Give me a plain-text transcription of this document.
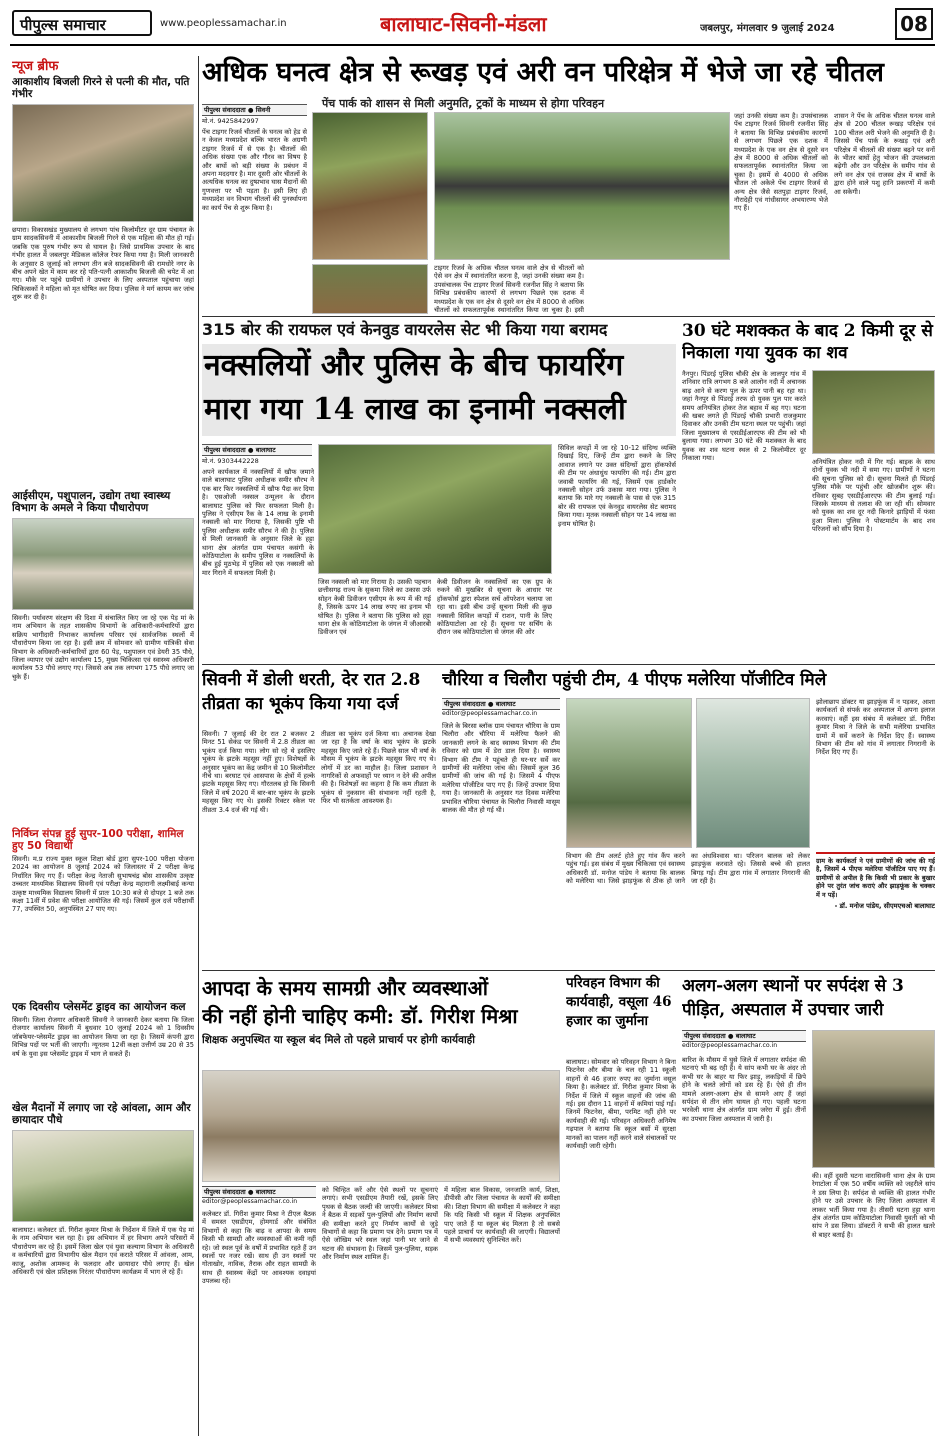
पीपुल्स समाचार	www.peoplessamachar.in	बालाघाट-सिवनी-मंडला	जबलपुर, मंगलवार 9 जुलाई 2024	08
न्यूज ब्रीफ
आकाशीय बिजली गिरने से पत्नी की मौत, पति गंभीर
छपारा। विकासखंड मुख्यालय से लगभग पांच किलोमीटर दूर ग्राम पंचायत के ग्राम सादकसिवनी में आकाशीय बिजली गिरने से एक महिला की मौत हो गई। जबकि एक पुरुष गंभीर रूप से घायल है। जिसे प्राथमिक उपचार के बाद गंभीर हालत में जबलपुर मेडिकल कॉलेज रेफर किया गया है। मिली जानकारी के अनुसार 8 जुलाई को लगभग तीन बजे सादकसिवनी की रामधोरे नगर के बीच अपने खेत में काम कर रहे पति-पत्नी आकाशीय बिजली की चपेट में आ गए। मौके पर पहुंचे ग्रामीणों ने उपचार के लिए अस्पताल पहुंचाया जहां चिकित्सकों ने महिला को मृत घोषित कर दिया। पुलिस ने मर्ग कायम कर जांच शुरू कर दी है।
आईसीएम, पशुपालन, उद्योग तथा स्वास्थ्य विभाग के अमले ने किया पौधारोपण
सिवनी। पर्यावरण संरक्षण की दिशा में संचालित किए जा रहे एक पेड़ मां के नाम अभियान के तहत शासकीय विभागों के अधिकारी-कर्मचारियों द्वारा सक्रिय भागीदारी निभाकर कार्यालय परिसर एवं सार्वजनिक स्थलों में पौधारोपण किया जा रहा है। इसी क्रम में सोमवार को ग्रामीण यांत्रिकी सेवा विभाग के अधिकारी-कर्मचारियों द्वारा 60 पेड़, पशुपालन एवं डेयरी 35 पौधे, जिला व्यापार एवं उद्योग कार्यालय 15, मुख्य चिकित्सा एवं स्वास्थ्य अधिकारी कार्यालय 53 पौधे लगाए गए। जिससे अब तक लगभग 175 पौधे लगाए जा चुके हैं।
निर्विघ्न संपन्न हुई सुपर-100 परीक्षा, शामिल हुए 50 विद्यार्थी
सिवनी। म.प्र राज्य मुक्त स्कूल शिक्षा बोर्ड द्वारा सुपर-100 परीक्षा योजना 2024 का आयोजन 8 जुलाई 2024 को जिलास्तर में 2 परीक्षा केन्द्र निर्धारित किए गए हैं। परीक्षा केन्द्र नेताजी सुभाषचंद्र बोस शासकीय उत्कृष्ट उच्चतर माध्यमिक विद्यालय सिवनी एवं परीक्षा केन्द्र महारानी लक्ष्मीबाई कन्या उत्कृष्ट माध्यमिक विद्यालय सिवनी में प्रातः 10:30 बजे से दोपहर 1 बजे तक कक्षा 11वीं में प्रवेश की परीक्षा आयोजित की गई। जिसमें कुल दर्ज परीक्षार्थी 77, उपस्थित 50, अनुपस्थित 27 पाए गए।
एक दिवसीय प्लेसमेंट ड्राइव का आयोजन कल
सिवनी। जिला रोजगार अधिकारी सिवनी ने जानकारी देकर बताया कि जिला रोजगार कार्यालय सिवनी में बुधवार 10 जुलाई 2024 को 1 दिवसीय जॉबफेयर-प्लेसमेंट ड्राइव का आयोजन किया जा रहा है। जिसमें कंपनी द्वारा विभिन्न पदों पर भर्ती की जाएगी। न्यूनतम 12वीं कक्षा उत्तीर्ण उम्र 20 से 35 वर्ष के युवा इस प्लेसमेंट ड्राइव में भाग ले सकते हैं।
खेल मैदानों में लगाए जा रहे आंवला, आम और छायादार पौधे
बालाघाट। कलेक्टर डॉ. गिरीश कुमार मिश्रा के निर्देशन में जिले में एक पेड़ मां के नाम अभियान चल रहा है। इस अभियान में हर विभाग अपने परिसरों में पौधारोपण कर रहे हैं। इसमें जिला खेल एवं युवा कल्याण विभाग के अधिकारी व कर्मचारियों द्वारा विभागीय खेल मैदान एवं कराते परिसर में आंवला, आम, काजू, अशोक आमरूद के फलदार और छायादार पौधे लगाए हैं। खेल अधिकारी एवं खेल प्रशिक्षक निरंतर पौधारोपण कार्यक्रम में भाग ले रहे हैं।
अधिक घनत्व क्षेत्र से रूखड़ एवं अरी वन परिक्षेत्र में भेजे जा रहे चीतल
पेंच पार्क को शासन से मिली अनुमति, ट्रकों के माध्यम से होगा परिवहन
पीपुल्स संवाददाता ● सिवनी
मो.नं. 9425842997
पेंच टाइगर रिजर्व चीतलों के घनत्व को हेड से न केवल मध्यप्रदेश बल्कि भारत के अग्रणी टाइगर रिजर्व में से एक है। चीतलों की अधिक संख्या एक और गौरव का विषय है और बाघों को बड़ी संख्या के प्रबंधन में अपना मददगार है। मार दूसरी ओर चीतलों के अत्यधिक घनत्व का दुष्प्रभाव घास मैदानों की गुणवत्ता पर भी पड़ता है। इसी लिए ही मध्यप्रदेश वन विभाग चीतलों की पुनर्स्थापना का कार्य पेंच से शुरू किया है।
टाइगर रिजर्व के अधिक चीतल घनत्व वाले क्षेत्र से चीतलों को ऐसे वन क्षेत्र में स्थानांतरित करना है, जहां उनकी संख्या कम है। उपसंचालक पेंच टाइगर रिजर्व सिवनी रजनीश सिंह ने बताया कि विभिन्न प्रबंधकीय कारणों से लगभग पिछले एक दशक में मध्यप्रदेश के एक वन क्षेत्र से दूसरे वन क्षेत्र में 8000 से अधिक चीतलों को सफलतापूर्वक स्थानांतरित किया जा चुका है। इसी
जहां उनकी संख्या कम है। उपसंचालक पेंच टाइगर रिजर्व सिवनी रजनीश सिंह ने बताया कि विभिन्न प्रबंधकीय कारणों से लगभग पिछले एक दशक में मध्यप्रदेश के एक वन क्षेत्र से दूसरे वन क्षेत्र में 8000 से अधिक चीतलों को सफलतापूर्वक स्थानांतरित किया जा चुका है। इसमें से 4000 से अधिक चीतल तो अकेले पेंच टाइगर रिजर्व से अन्य क्षेत्र जैसे सतपुड़ा टाइगर रिजर्व, नौरादेही एवं गांधीसागर अभयारण्य भेजे गए हैं।
शासन ने पेंच के अधिक चीतल घनत्व वाले क्षेत्र से 200 चीतल रूखड़ परिक्षेत्र एवं 100 चीतल अरी भेजने की अनुमति दी है। जिससे पेंच पार्क के रूखड़ एवं अरी परिक्षेत्र में चीतलों की संख्या बढ़ने पर वनों के भीतर बाघों हेतु भोजन की उपलब्धता बढ़ेगी और उन परिक्षेत्र के समीप गांव से लगे वन क्षेत्र एवं राजस्व क्षेत्र में बाघों के द्वारा होने वाले पशु हानि प्रकरणों में कमी आ सकेगी।
315 बोर की रायफल एवं केनवुड वायरलेस सेट भी किया गया बरामद
नक्सलियों और पुलिस के बीच फायरिंग
मारा गया 14 लाख का इनामी नक्सली
पीपुल्स संवाददाता ● बालाघाट
मो.नं. 9303442228
अपने कार्यकाल में नक्सलियों में खौफ जमाने वाले बालाघाट पुलिस अधीक्षक समीर सौरभ ने एक बार फिर नक्सलियों में खौफ पैदा कर दिया है। एसओजी नक्सल उन्मूलन के दौरान बालाघाट पुलिस को फिर सफलता मिली है। पुलिस ने एसीएम रैंक के 14 लाख के इनामी नक्सली को मार गिराया है, जिसकी पुष्टि भी पुलिस अधीक्षक समीर सौरभ ने की है। पुलिस से मिली जानकारी के अनुसार जिले के हट्टा थाना क्षेत्र अंतर्गत ग्राम पंचायत कसंगी के कोठियाटोला के समीप पुलिस व नक्सलियों के बीच हुई मुठभेड़ में पुलिस को एक नक्सली को मार गिराने में सफलता मिली है।
जिस नक्सली को मार गिराया है। उसकी पहचान छत्तीसगढ़ राज्य के सुकमा जिले का उकास उर्फ सोहन केबी डिवीजन एसीएम के रूप में की गई है, जिसके ऊपर 14 लाख रुपए का इनाम भी घोषित है। पुलिस ने बताया कि पुलिस को हट्टा थाना क्षेत्र के कोठियाटोला के जंगल में जीआरबी डिवीजन एवं
केबी डिवीजन के नक्सलियों का एक ग्रुप के रुकने की मुखबिर से सूचना के आधार पर हॉकफोर्स द्वारा स्पेशल सर्च ऑपरेशन चलाया जा रहा था। इसी बीच उन्हें सूचना मिली की कुछ नक्सली सिविल कपड़ों में राशन, पानी के लिए कोठियाटोला आ रहे हैं। सूचना पर सर्चिंग के दौरान जब कोठियाटोला से जंगल की ओर
सिविल कपड़ों में जा रहे 10-12 संदिग्ध व्यक्ति दिखाई दिए, जिन्हें टीम द्वारा रुकने के लिए आवाज लगाने पर उक्त संदिग्धों द्वारा हॉकफोर्स की टीम पर अंधाधुंध फायरिंग की गई। टीम द्वारा जवाबी फायरिंग की गई, जिसमें एक हार्डकोर नक्सली सोहन उर्फ उकास मारा गया। पुलिस ने बताया कि मारे गए नक्सली के पास से एक 315 बोर की रायफल एवं केनवुड वायरलेस सेट बरामद किया गया। मृतक नक्सली सोहन पर 14 लाख का इनाम घोषित है।
30 घंटे मशक्कत के बाद 2 किमी दूर से निकाला गया युवक का शव
नैनपुर। पिंडरई पुलिस चौकी क्षेत्र के लालपुर गांव में शनिवार रात्रि लगभग 8 बजे आलोन नदी में अचानक बाढ़ आने से करण पुल के ऊपर पानी बह रहा था। जहां नैनपुर से पिंडरई तरफ दो युवक पुल पार करते समय अनियंत्रित होकर तेज बहाव में बह गए। घटना की खबर लगते ही पिंडरई चौकी प्रभारी राजकुमार दिवाकर और उनकी टीम घटना स्थल पर पहुंची। जहां जिला मुख्यालय से एसडीईआरएफ की टीम को भी बुलाया गया। लगभग 30 घंटे की मशक्कत के बाद युवक का शव घटना स्थल से 2 किलोमीटर दूर निकाला गया।	अनियंत्रित होकर नदी में गिर गई। बाइक के साथ दोनों युवक भी नदी में समा गए। ग्रामीणों ने घटना की सूचना पुलिस को दी। सूचना मिलते ही पिंडरई पुलिस मौके पर पहुंची और खोजबीन शुरू की। रविवार सुबह एसडीईआरएफ की टीम बुलाई गई। जिसके माध्यम से तलाश की जा रही थी। सोमवार को युवक का शव दूर नदी किनारे झाड़ियों में फंसा हुआ मिला। पुलिस ने पोस्टमार्टम के बाद शव परिजनों को सौंप दिया है।
सिवनी में डोली धरती, देर रात 2.8 तीव्रता का भूकंप किया गया दर्ज
सिवनी। 7 जुलाई की देर रात 2 बजकर 2 मिनट 51 सेकंड पर सिवनी में 2.8 तीव्रता का भूकंप दर्ज किया गया। लोग सो रहे थे इसलिए भूकंप के झटके महसूस नहीं हुए। विशेषज्ञों के अनुसार भूकंप का केंद्र जमीन से 10 किलोमीटर नीचे था। बरघाट एवं आसपास के क्षेत्रों में हल्के झटके महसूस किए गए। गौरतलब हो कि सिवनी जिले में वर्ष 2020 में बार-बार भूकंप के झटके महसूस किए गए थे। इसकी रिक्टर स्केल पर तीव्रता 3.4 दर्ज की गई थी।
तीव्रता का भूकंप दर्ज किया था। अचानक देखा जा रहा है कि वर्षा के बाद भूकंप के झटके महसूस किए जाते रहे हैं। पिछले साल भी वर्षा के मौसम में भूकंप के झटके महसूस किए गए थे। लोगों में डर का माहौल है। जिला प्रशासन ने नागरिकों से अफवाहों पर ध्यान न देने की अपील की है। विशेषज्ञों का कहना है कि कम तीव्रता के भूकंप से नुकसान की संभावना नहीं रहती है, फिर भी सतर्कता आवश्यक है।
चौरिया व चिलौरा पहुंची टीम, 4 पीएफ मलेरिया पॉजीटिव मिले
पीपुल्स संवाददाता ● बालाघाट
editor@peoplessamachar.co.in
जिले के बिरसा ब्लॉक ग्राम पंचायत चौरिया के ग्राम चिलौरा और चौरिया में मलेरिया फैलने की जानकारी लगने के बाद स्वास्थ्य विभाग की टीम रविवार को ग्राम में डेरा डाल दिया है। स्वास्थ्य विभाग की टीम ने पहुंचते ही घर-घर सर्वे कर ग्रामीणों की मलेरिया जांच की। जिसमें कुल 36 ग्रामीणों की जांच की गई है। जिसमें 4 पीएफ मलेरिया पॉजीटिव पाए गए हैं। जिन्हें उपचार दिया गया है। जानकारी के अनुसार गत दिवस मलेरिया प्रभावित चौरिया पंचायत के चिलौरा निवासी मासूम बालक की मौत हो गई थी।
विभाग की टीम अलर्ट होते हुए गांव कैंप करने पहुंच गई। इस संबंध में मुख्य चिकित्सा एवं स्वास्थ्य अधिकारी डॉ. मनोज पांडेय ने बताया कि बालक को मलेरिया था। जिसे झाड़फूंक से ठीक हो जाने का अंधविश्वास था। परिजन बालक को लेकर झाड़फूंक करवाते रहे। जिससे बच्चे की हालत बिगड़ गई। टीम द्वारा गांव में लगातार निगरानी की जा रही है।
झोलाछाप डॉक्टर या झाड़फूंक में न पड़कर, आशा कार्यकर्ता से संपर्क कर अस्पताल में अपना इलाज करवाएं। वहीं इस संबंध में कलेक्टर डॉ. गिरीश कुमार मिश्रा ने जिले के सभी मलेरिया प्रभावित ग्रामों में सर्वे कराने के निर्देश दिए हैं। स्वास्थ्य विभाग की टीम को गांव में लगातार निगरानी के निर्देश दिए गए हैं।
ग्राम के कार्यकर्ता ने एवं ग्रामीणों की जांच की गई है, जिसमें 4 पीएफ मलेरिया पॉजीटिव पाए गए हैं। ग्रामीणों से अपील है कि किसी भी प्रकार के बुखार होने पर तुरंत जांच कराएं और झाड़फूंक के चक्कर में न पड़ें।
- डॉ. मनोज पांडेय, सीएमएचओ बालाघाट
आपदा के समय सामग्री और व्यवस्थाओं
की नहीं होनी चाहिए कमी: डॉ. गिरीश मिश्रा
शिक्षक अनुपस्थित या स्कूल बंद मिले तो पहले प्राचार्य पर होगी कार्यवाही
पीपुल्स संवाददाता ● बालाघाट
editor@peoplessamachar.co.in
कलेक्टर डॉ. गिरीश कुमार मिश्रा ने टीएल बैठक में समस्त एसडीएम, होमगार्ड और संबंधित विभागों से कहा कि बाढ़ व आपदा के समय किसी भी सामग्री और व्यवस्थाओं की कमी नहीं रहे। जो स्थल पूर्व के वर्षों में प्रभावित रहते हैं उन स्थलों पर नजर रखें। साथ ही उन स्थलों पर गोताखोर, नाविक, तैराक और राहत सामग्री के साथ ही स्वास्थ्य केंद्रों पर आवश्यक दवाइयां उपलब्ध रहें।
को चिन्हित करें और ऐसे स्थलों पर सूचनाएं लगाएं। सभी एसडीएम तैयारी रखें, इसके लिए पृथक से बैठक जल्दी की जाएगी। कलेक्टर मिश्रा ने बैठक में सड़कों पुल-पुलियों और निर्माण कार्यों की समीक्षा करते हुए निर्माण कार्यों से जुड़े विभागों से कहा कि प्रमाण पत्र देने। प्रमाण पत्र में ऐसे जोखिम भरे स्थल जहां पानी भर जाने से घटना की संभावना है। जिसमें पुल-पुलिया, सड़क और निर्माण स्थल शामिल हैं।
में महिला बाल विकास, जनजाति कार्य, शिक्षा, डीपीसी और जिला पंचायत के कार्यों की समीक्षा की। शिक्षा विभाग की समीक्षा में कलेक्टर ने कहा कि यदि किसी भी स्कूल में शिक्षक अनुपस्थित पाए जाते हैं या स्कूल बंद मिलता है तो सबसे पहले प्राचार्य पर कार्यवाही की जाएगी। विद्यालयों में सभी व्यवस्थाएं सुनिश्चित करें।
परिवहन विभाग की कार्यवाही, वसूला 46 हजार का जुर्माना
बालाघाट। सोमवार को परिवहन विभाग ने बिना फिटनेस और बीमा के चल रही 11 स्कूली वाहनों से 46 हजार रुपए का जुर्माना वसूल किया है। कलेक्टर डॉ. गिरीश कुमार मिश्रा के निर्देश में जिले में स्कूल वाहनों की जांच की गई। इस दौरान 11 वाहनों में कमियां पाई गईं। जिनमें फिटनेस, बीमा, परमिट नहीं होने पर कार्यवाही की गई। परिवहन अधिकारी अनिमेष गढ़पाल ने बताया कि स्कूल बसों में सुरक्षा मानकों का पालन नहीं करने वाले संचालकों पर कार्यवाही जारी रहेगी।
अलग-अलग स्थानों पर सर्पदंश से 3 पीड़ित, अस्पताल में उपचार जारी
पीपुल्स संवाददाता ● बालाघाट
editor@peoplessamachar.co.in
बारिश के मौसम में घुसे जिले में लगातार सर्पदंश की घटनाएं भी बढ़ रही हैं। ये सांप कभी घर के अंदर तो कभी घर के बाहर या फिर झाड़ू, लकड़ियों में छिपे होने के चलते लोगों को डस रहे हैं। ऐसे ही तीन मामले अलग-अलग क्षेत्र से सामने आए हैं जहां सर्पदंश से तीन लोग घायल हो गए। पहली घटना भरवेली थाना क्षेत्र अंतर्गत ग्राम जरेरा में हुई। तीनों का उपचार जिला अस्पताल में जारी है।
की। वहीं दूसरी घटना वारासिवनी थाना क्षेत्र के ग्राम रेगाटोला में एक 50 वर्षीय व्यक्ति को जहरीले सांप ने डस लिया है। सर्पदंश से व्यक्ति की हालत गंभीर होने पर उसे उपचार के लिए जिला अस्पताल में लाकर भर्ती किया गया है। तीसरी घटना हट्टा थाना क्षेत्र अंतर्गत ग्राम कोठियाटोला निवासी युवती को भी सांप ने डस लिया। डॉक्टरों ने सभी की हालत खतरे से बाहर बताई है।
